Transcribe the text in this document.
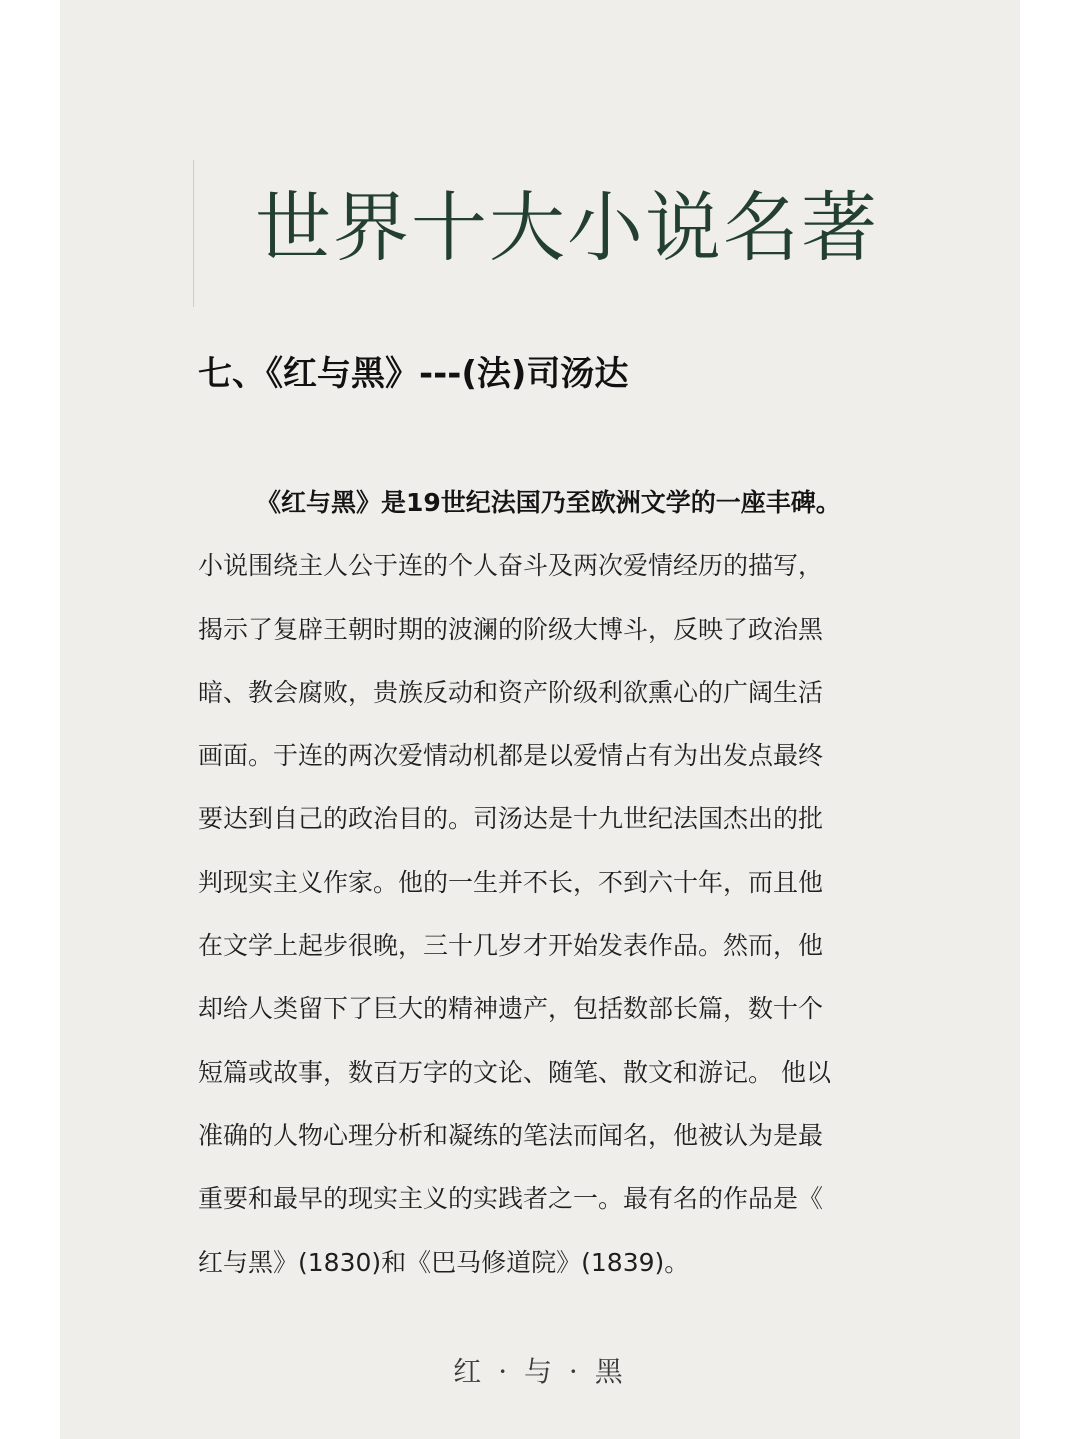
世界十大小说名著
七、《红与黑》---(法)司汤达
《红与黑》是19世纪法国乃至欧洲文学的一座丰碑。
小说围绕主人公于连的个人奋斗及两次爱情经历的描写，
揭示了复辟王朝时期的波澜的阶级大博斗，反映了政治黑
暗、教会腐败，贵族反动和资产阶级利欲熏心的广阔生活
画面。于连的两次爱情动机都是以爱情占有为出发点最终
要达到自己的政治目的。司汤达是十九世纪法国杰出的批
判现实主义作家。他的一生并不长，不到六十年，而且他
在文学上起步很晚，三十几岁才开始发表作品。然而，他
却给人类留下了巨大的精神遗产，包括数部长篇，数十个
短篇或故事，数百万字的文论、随笔、散文和游记。 他以
准确的人物心理分析和凝练的笔法而闻名，他被认为是最
重要和最早的现实主义的实践者之一。最有名的作品是《
红与黑》(1830)和《巴马修道院》(1839)。
红 · 与 · 黑
